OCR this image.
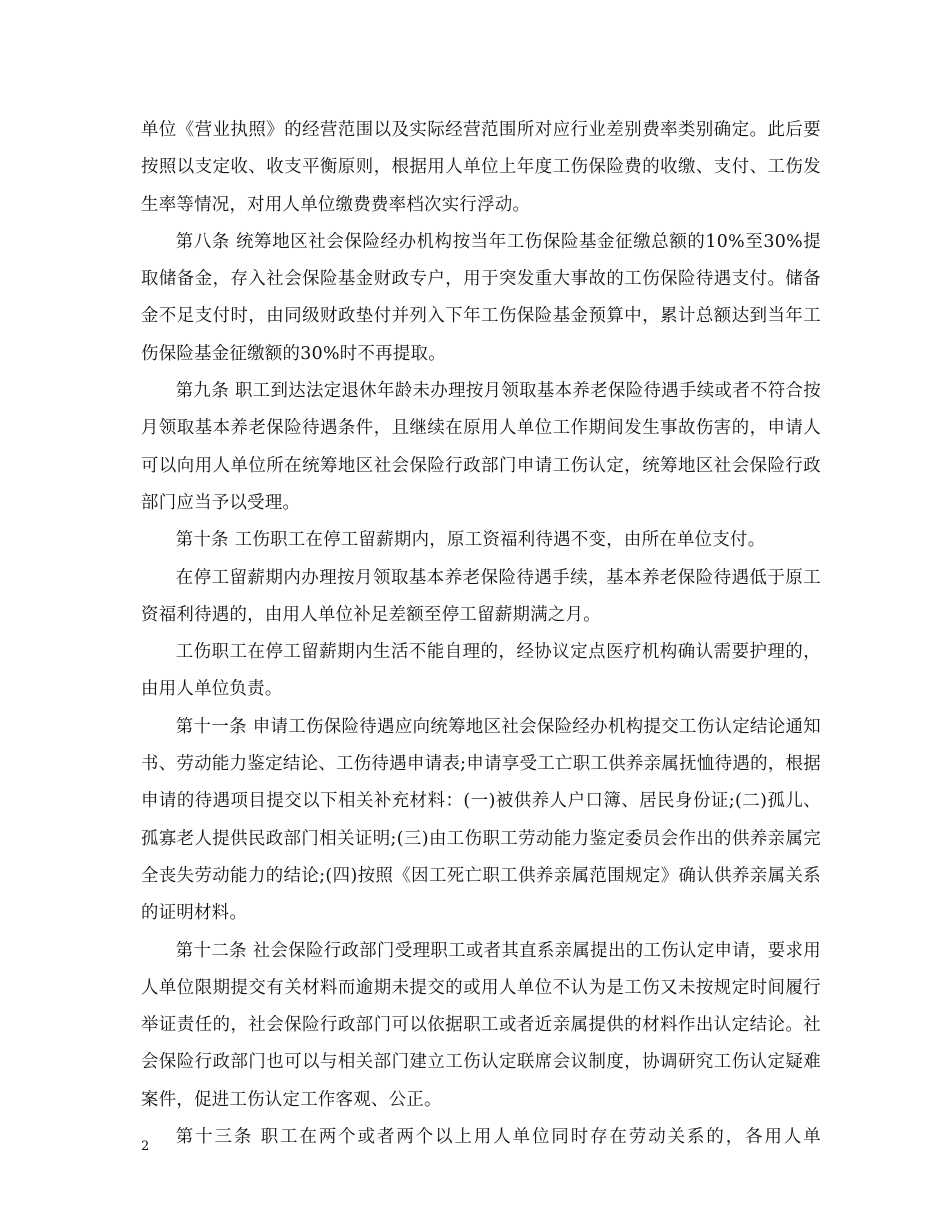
单位《营业执照》的经营范围以及实际经营范围所对应行业差别费率类别确定。此后要按照以支定收、收支平衡原则，根据用人单位上年度工伤保险费的收缴、支付、工伤发生率等情况，对用人单位缴费费率档次实行浮动。

第八条 统筹地区社会保险经办机构按当年工伤保险基金征缴总额的10%至30%提取储备金，存入社会保险基金财政专户，用于突发重大事故的工伤保险待遇支付。储备金不足支付时，由同级财政垫付并列入下年工伤保险基金预算中，累计总额达到当年工伤保险基金征缴额的30%时不再提取。

第九条 职工到达法定退休年龄未办理按月领取基本养老保险待遇手续或者不符合按月领取基本养老保险待遇条件，且继续在原用人单位工作期间发生事故伤害的，申请人可以向用人单位所在统筹地区社会保险行政部门申请工伤认定，统筹地区社会保险行政部门应当予以受理。

第十条 工伤职工在停工留薪期内，原工资福利待遇不变，由所在单位支付。

在停工留薪期内办理按月领取基本养老保险待遇手续，基本养老保险待遇低于原工资福利待遇的，由用人单位补足差额至停工留薪期满之月。

工伤职工在停工留薪期内生活不能自理的，经协议定点医疗机构确认需要护理的，由用人单位负责。

第十一条 申请工伤保险待遇应向统筹地区社会保险经办机构提交工伤认定结论通知书、劳动能力鉴定结论、工伤待遇申请表;申请享受工亡职工供养亲属抚恤待遇的，根据申请的待遇项目提交以下相关补充材料：(一)被供养人户口簿、居民身份证;(二)孤儿、孤寡老人提供民政部门相关证明;(三)由工伤职工劳动能力鉴定委员会作出的供养亲属完全丧失劳动能力的结论;(四)按照《因工死亡职工供养亲属范围规定》确认供养亲属关系的证明材料。

第十二条 社会保险行政部门受理职工或者其直系亲属提出的工伤认定申请，要求用人单位限期提交有关材料而逾期未提交的或用人单位不认为是工伤又未按规定时间履行举证责任的，社会保险行政部门可以依据职工或者近亲属提供的材料作出认定结论。社会保险行政部门也可以与相关部门建立工伤认定联席会议制度，协调研究工伤认定疑难案件，促进工伤认定工作客观、公正。

第十三条 职工在两个或者两个以上用人单位同时存在劳动关系的，各用人单

2
